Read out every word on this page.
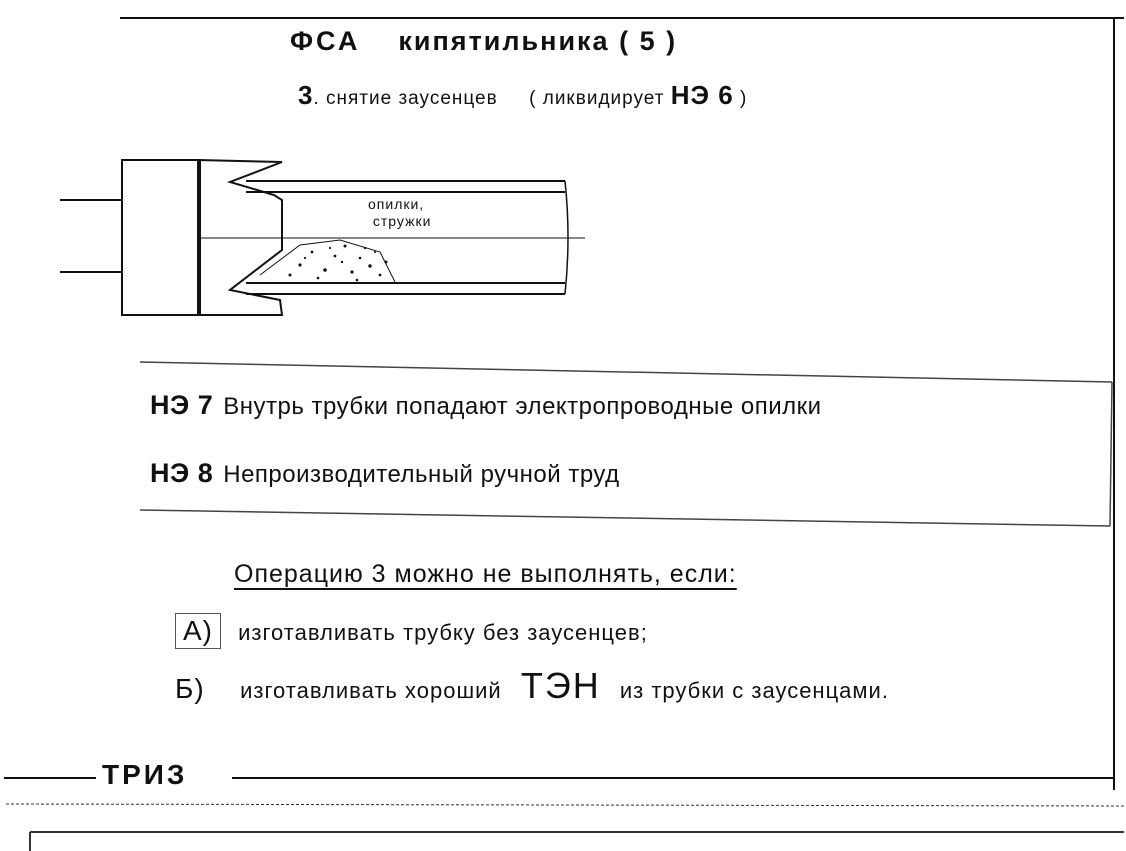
опилки,
стружки
ФСА кипятильника ( 5 )
3. снятие заусенцев ( ликвидирует НЭ 6 )
НЭ 7 Внутрь трубки попадают электропроводные опилки
НЭ 8 Непроизводительный ручной труд
Операцию 3 можно не выполнять, если:
А) изготавливать трубку без заусенцев;
Б) изготавливать хороший ТЭН из трубки с заусенцами.
ТРИЗ
